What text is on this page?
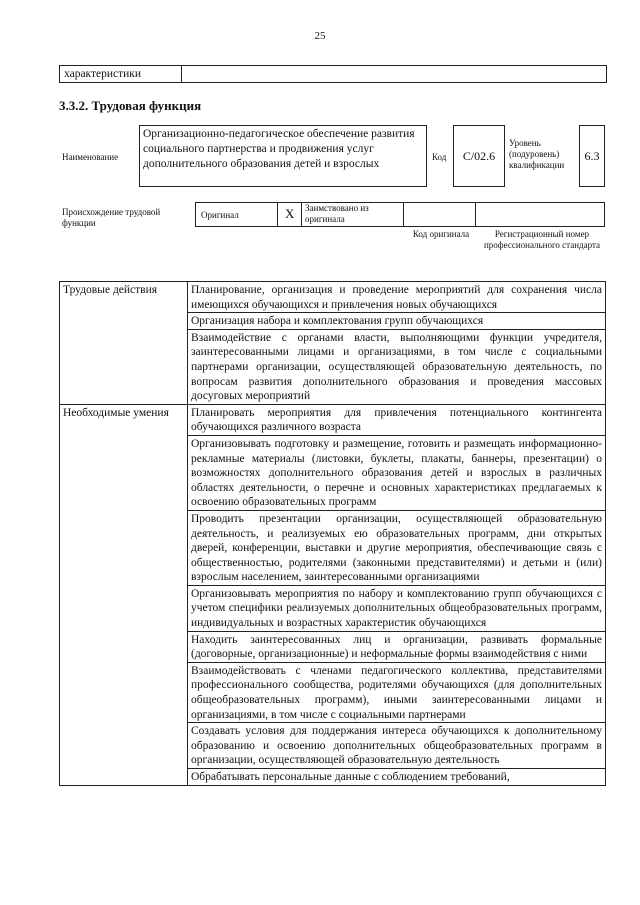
25
характеристики
3.3.2. Трудовая функция
Наименование
Организационно-педагогическое обеспечение развития социального партнерства и продвижения услуг дополнительного образования детей и взрослых
Код	C/02.6
Уровень (подуровень) квалификации
6.3
Происхождение трудовой функции
Оригинал	X Заимствовано из оригинала
Код оригинала	Регистрационный номер профессионального стандарта
Трудовые действия	Планирование, организация и проведение мероприятий для сохранения числа имеющихся обучающихся и привлечения новых обучающихся
	Организация набора и комплектования групп обучающихся
	Взаимодействие с органами власти, выполняющими функции учредителя, заинтересованными лицами и организациями, в том числе с социальными партнерами организации, осуществляющей образовательную деятельность, по вопросам развития дополнительного образования и проведения массовых досуговых мероприятий
Необходимые умения	Планировать мероприятия для привлечения потенциального контингента обучающихся различного возраста
	Организовывать подготовку и размещение, готовить и размещать информационно-рекламные материалы (листовки, буклеты, плакаты, баннеры, презентации) о возможностях дополнительного образования детей и взрослых в различных областях деятельности, о перечне и основных характеристиках предлагаемых к освоению образовательных программ
	Проводить презентации организации, осуществляющей образовательную деятельность, и реализуемых ею образовательных программ, дни открытых дверей, конференции, выставки и другие мероприятия, обеспечивающие связь с общественностью, родителями (законными представителями) и детьми и (или) взрослым населением, заинтересованными организациями
	Организовывать мероприятия по набору и комплектованию групп обучающихся с учетом специфики реализуемых дополнительных общеобразовательных программ, индивидуальных и возрастных характеристик обучающихся
	Находить заинтересованных лиц и организации, развивать формальные (договорные, организационные) и неформальные формы взаимодействия с ними
	Взаимодействовать с членами педагогического коллектива, представителями профессионального сообщества, родителями обучающихся (для дополнительных общеобразовательных программ), иными заинтересованными лицами и организациями, в том числе с социальными партнерами
	Создавать условия для поддержания интереса обучающихся к дополнительному образованию и освоению дополнительных общеобразовательных программ в организации, осуществляющей образовательную деятельность
	Обрабатывать персональные данные с соблюдением требований,
